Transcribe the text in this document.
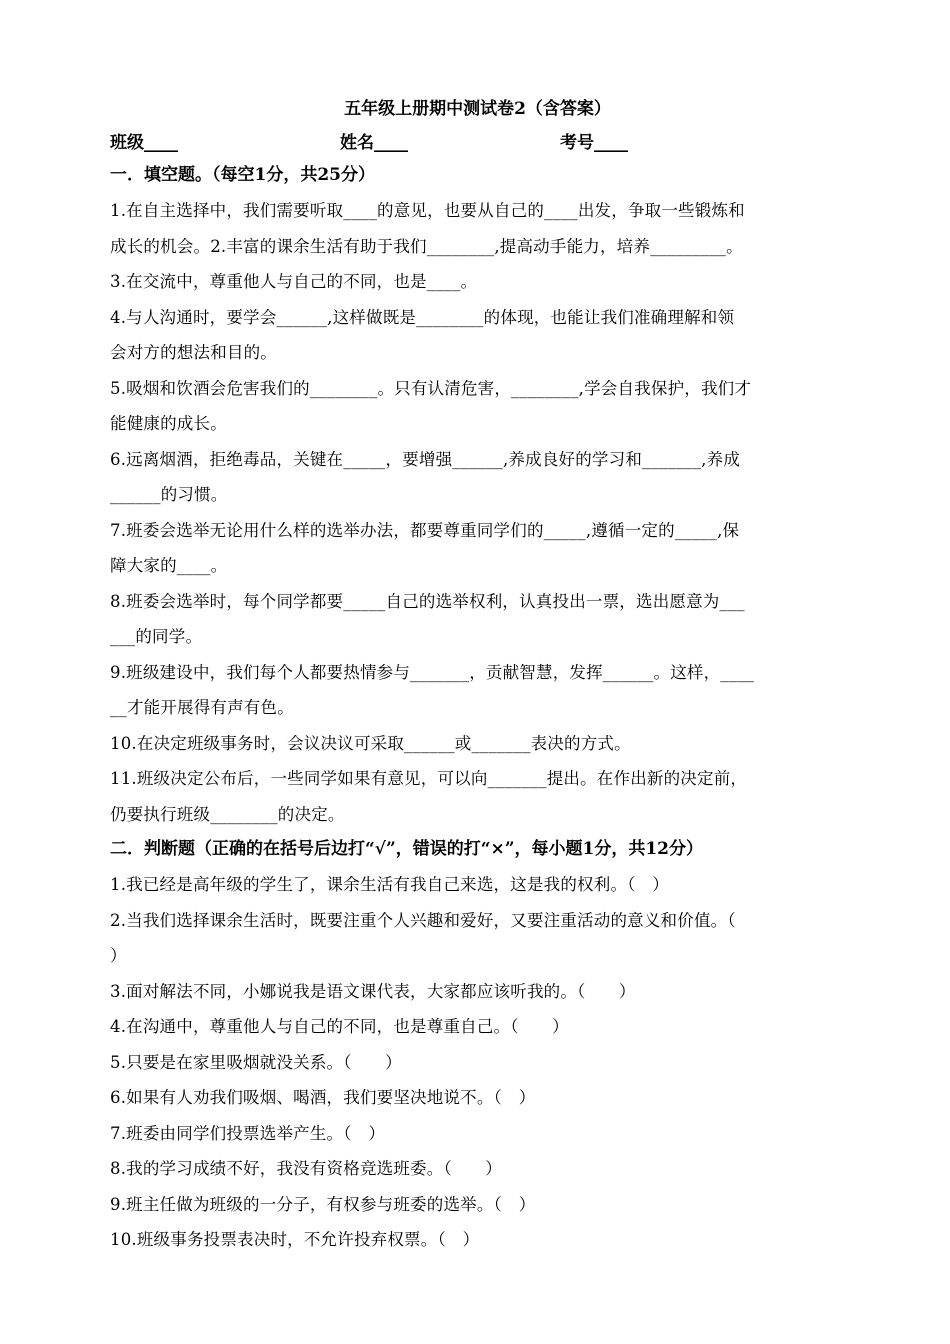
五年级上册期中测试卷2（含答案）
班级____	姓名____	考号____
一．填空题。（每空1分，共25分）
1.在自主选择中，我们需要听取____的意见，也要从自己的____出发，争取一些锻炼和
成长的机会。2.丰富的课余生活有助于我们________,提高动手能力，培养_________。
3.在交流中，尊重他人与自己的不同，也是____。
4.与人沟通时，要学会______,这样做既是________的体现，也能让我们准确理解和领
会对方的想法和目的。
5.吸烟和饮酒会危害我们的________。只有认清危害，________,学会自我保护，我们才
能健康的成长。
6.远离烟酒，拒绝毒品，关键在_____，要增强______,养成良好的学习和_______,养成
______的习惯。
7.班委会选举无论用什么样的选举办法，都要尊重同学们的_____,遵循一定的_____,保
障大家的____。
8.班委会选举时，每个同学都要_____自己的选举权利，认真投出一票，选出愿意为___
___的同学。
9.班级建设中，我们每个人都要热情参与_______，贡献智慧，发挥______。这样，____
__才能开展得有声有色。
10.在决定班级事务时，会议决议可采取______或_______表决的方式。
11.班级决定公布后，一些同学如果有意见，可以向_______提出。在作出新的决定前，
仍要执行班级________的决定。
二．判断题（正确的在括号后边打“√”，错误的打“×”，每小题1分，共12分）
1.我已经是高年级的学生了，课余生活有我自己来选，这是我的权利。（　）
2.当我们选择课余生活时，既要注重个人兴趣和爱好，又要注重活动的意义和价值。（
）
3.面对解法不同，小娜说我是语文课代表，大家都应该听我的。（　　）
4.在沟通中，尊重他人与自己的不同，也是尊重自己。（　　）
5.只要是在家里吸烟就没关系。（　　）
6.如果有人劝我们吸烟、喝酒，我们要坚决地说不。（　）
7.班委由同学们投票选举产生。（　）
8.我的学习成绩不好，我没有资格竞选班委。（　　）
9.班主任做为班级的一分子，有权参与班委的选举。（　）
10.班级事务投票表决时，不允许投弃权票。（　）
